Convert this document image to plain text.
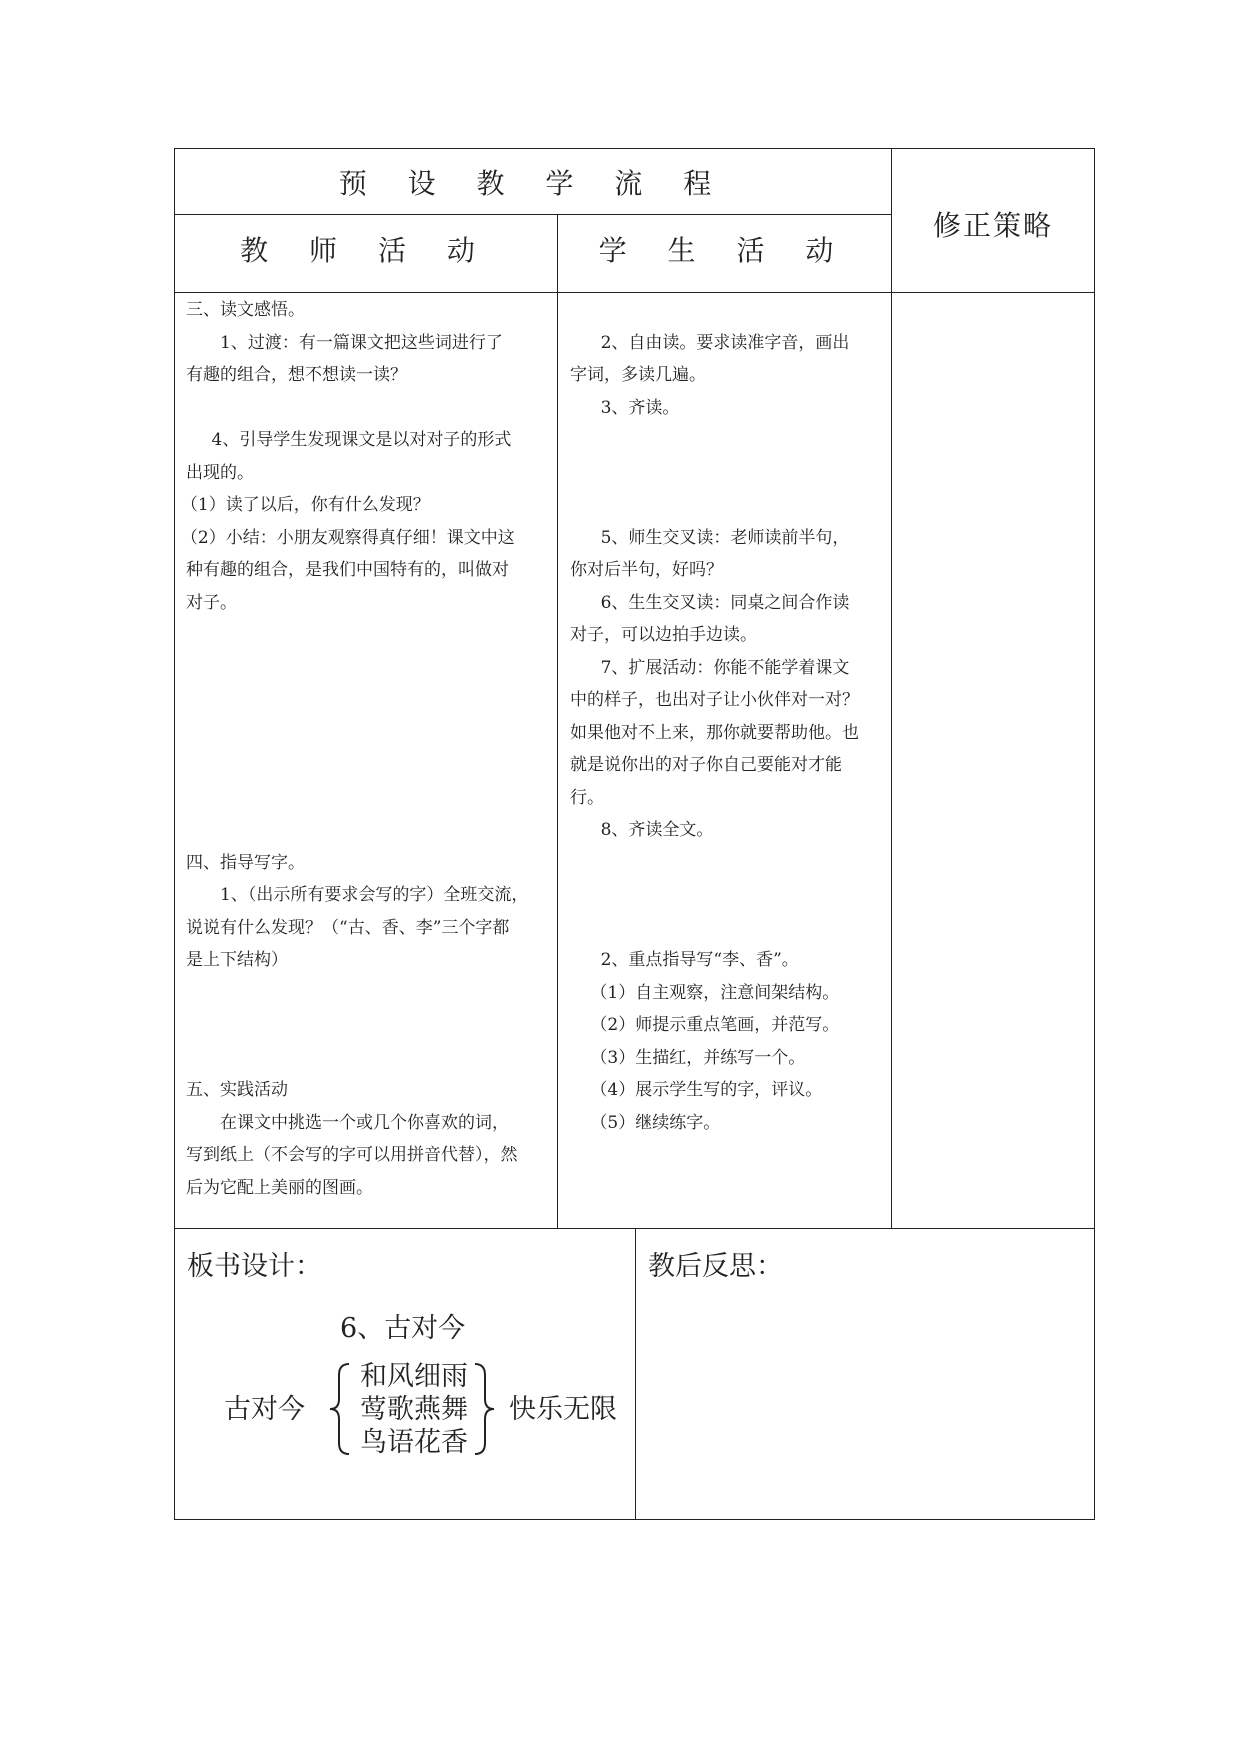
预 设 教 学 流 程
修正策略
教 师 活 动	学 生 活 动

三、读文感悟。

1、过渡：有一篇课文把这些词进行了

有趣的组合，想不想读一读？

4、引导学生发现课文是以对对子的形式

出现的。

（1）读了以后，你有什么发现？

（2）小结：小朋友观察得真仔细！课文中这

种有趣的组合，是我们中国特有的，叫做对

对子。

四、指导写字。

1、（出示所有要求会写的字）全班交流，

说说有什么发现？（“古、香、李”三个字都

是上下结构）

五、实践活动

在课文中挑选一个或几个你喜欢的词，

写到纸上（不会写的字可以用拼音代替），然

后为它配上美丽的图画。

2、自由读。要求读准字音，画出

字词，多读几遍。

3、齐读。

5、师生交叉读：老师读前半句，

你对后半句，好吗？

6、生生交叉读：同桌之间合作读

对子，可以边拍手边读。

7、扩展活动：你能不能学着课文

中的样子，也出对子让小伙伴对一对？

如果他对不上来，那你就要帮助他。也

就是说你出的对子你自己要能对才能

行。

8、齐读全文。

2、重点指导写“李、香”。

（1）自主观察，注意间架结构。

（2）师提示重点笔画，并范写。

（3）生描红，并练写一个。

（4）展示学生写的字，评议。

（5）继续练字。

板书设计：
6、古对今
古对今
和风细雨
莺歌燕舞
鸟语花香
快乐无限
教后反思：
